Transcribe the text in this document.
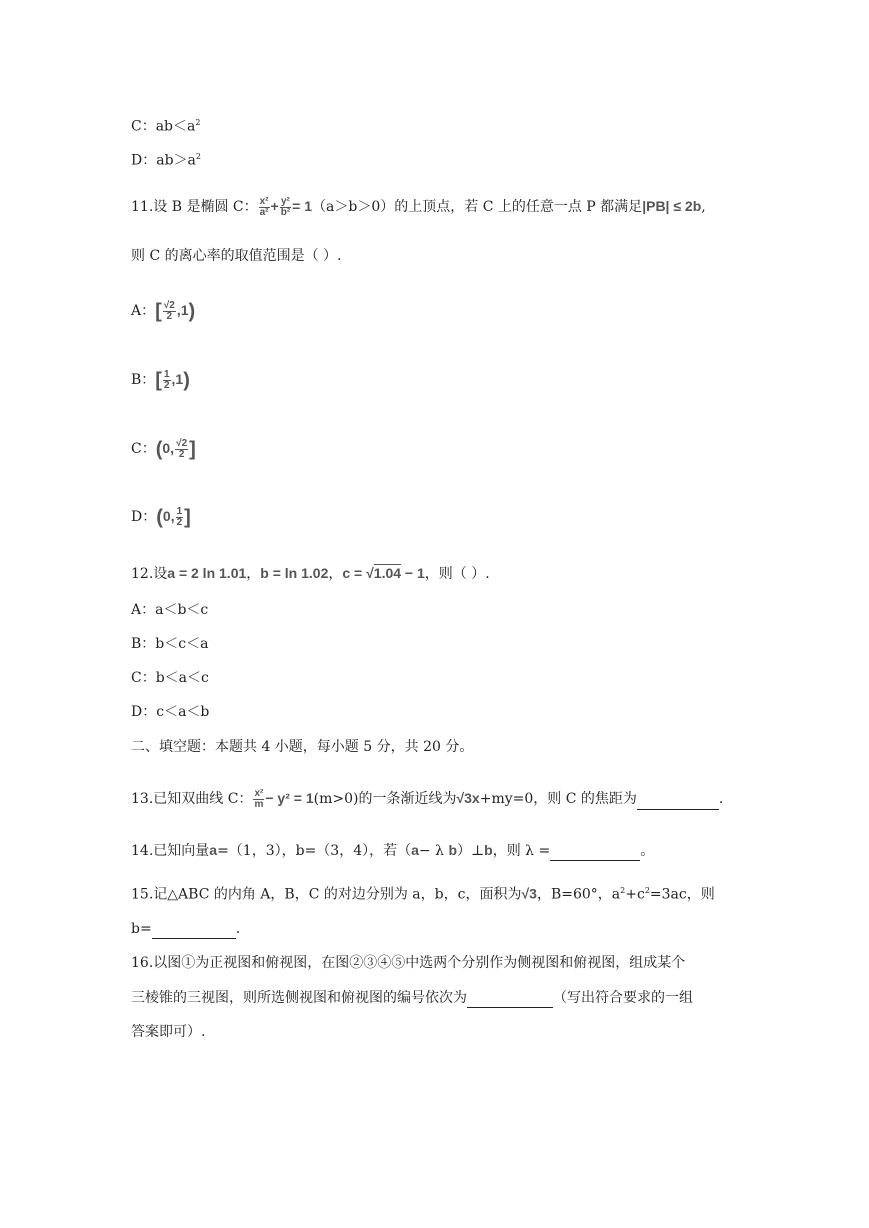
C：$ab<a^2$
D：$ab>a^2$
11.设 B 是椭圆 C： $\frac{\text{x²}}{\text{a²}} + \frac{\text{y²}}{\text{b²}} = 1(a>b>0)$的上顶点，若 C 上的任意一点 P 都满足|PB| ≤ 2b,
则 C 的离心率的取值范围是（ ）.
A：[ $\frac{√2}{2} ,1$)
B：[ $\frac{1}{2} ,1$)
C：(0, $\frac{√2}{2}$ ]
D：(0, $\frac{1}{2}$ ]
12.设a = 2 ln 1.01，b = ln 1.02，c = √1.04 − 1，则（ ）.
A：a＜b＜c
B：b＜c＜a
C：b＜a＜c
D：c＜a＜b
二、填空题：本题共 4 小题，每小题 5 分，共 20 分。
13.已知双曲线 C： $\frac{\text{x²}}{m} - y^2 = 1(m>0)$的一条渐近线为√3x+my=0，则 C 的焦距为	.
14.已知向量a=（1，3），b=（3，4），若（a− λ b）⊥b，则 λ =	。
15.记△ABC 的内角 A，B，C 的对边分别为 a，b，c，面积为√3，B=60°，$a^2+c^2=3ac$，则
b=	.
16.以图①为正视图和俯视图，在图②③④⑤中选两个分别作为侧视图和俯视图，组成某个
三棱锥的三视图，则所选侧视图和俯视图的编号依次为	（写出符合要求的一组
答案即可）.
